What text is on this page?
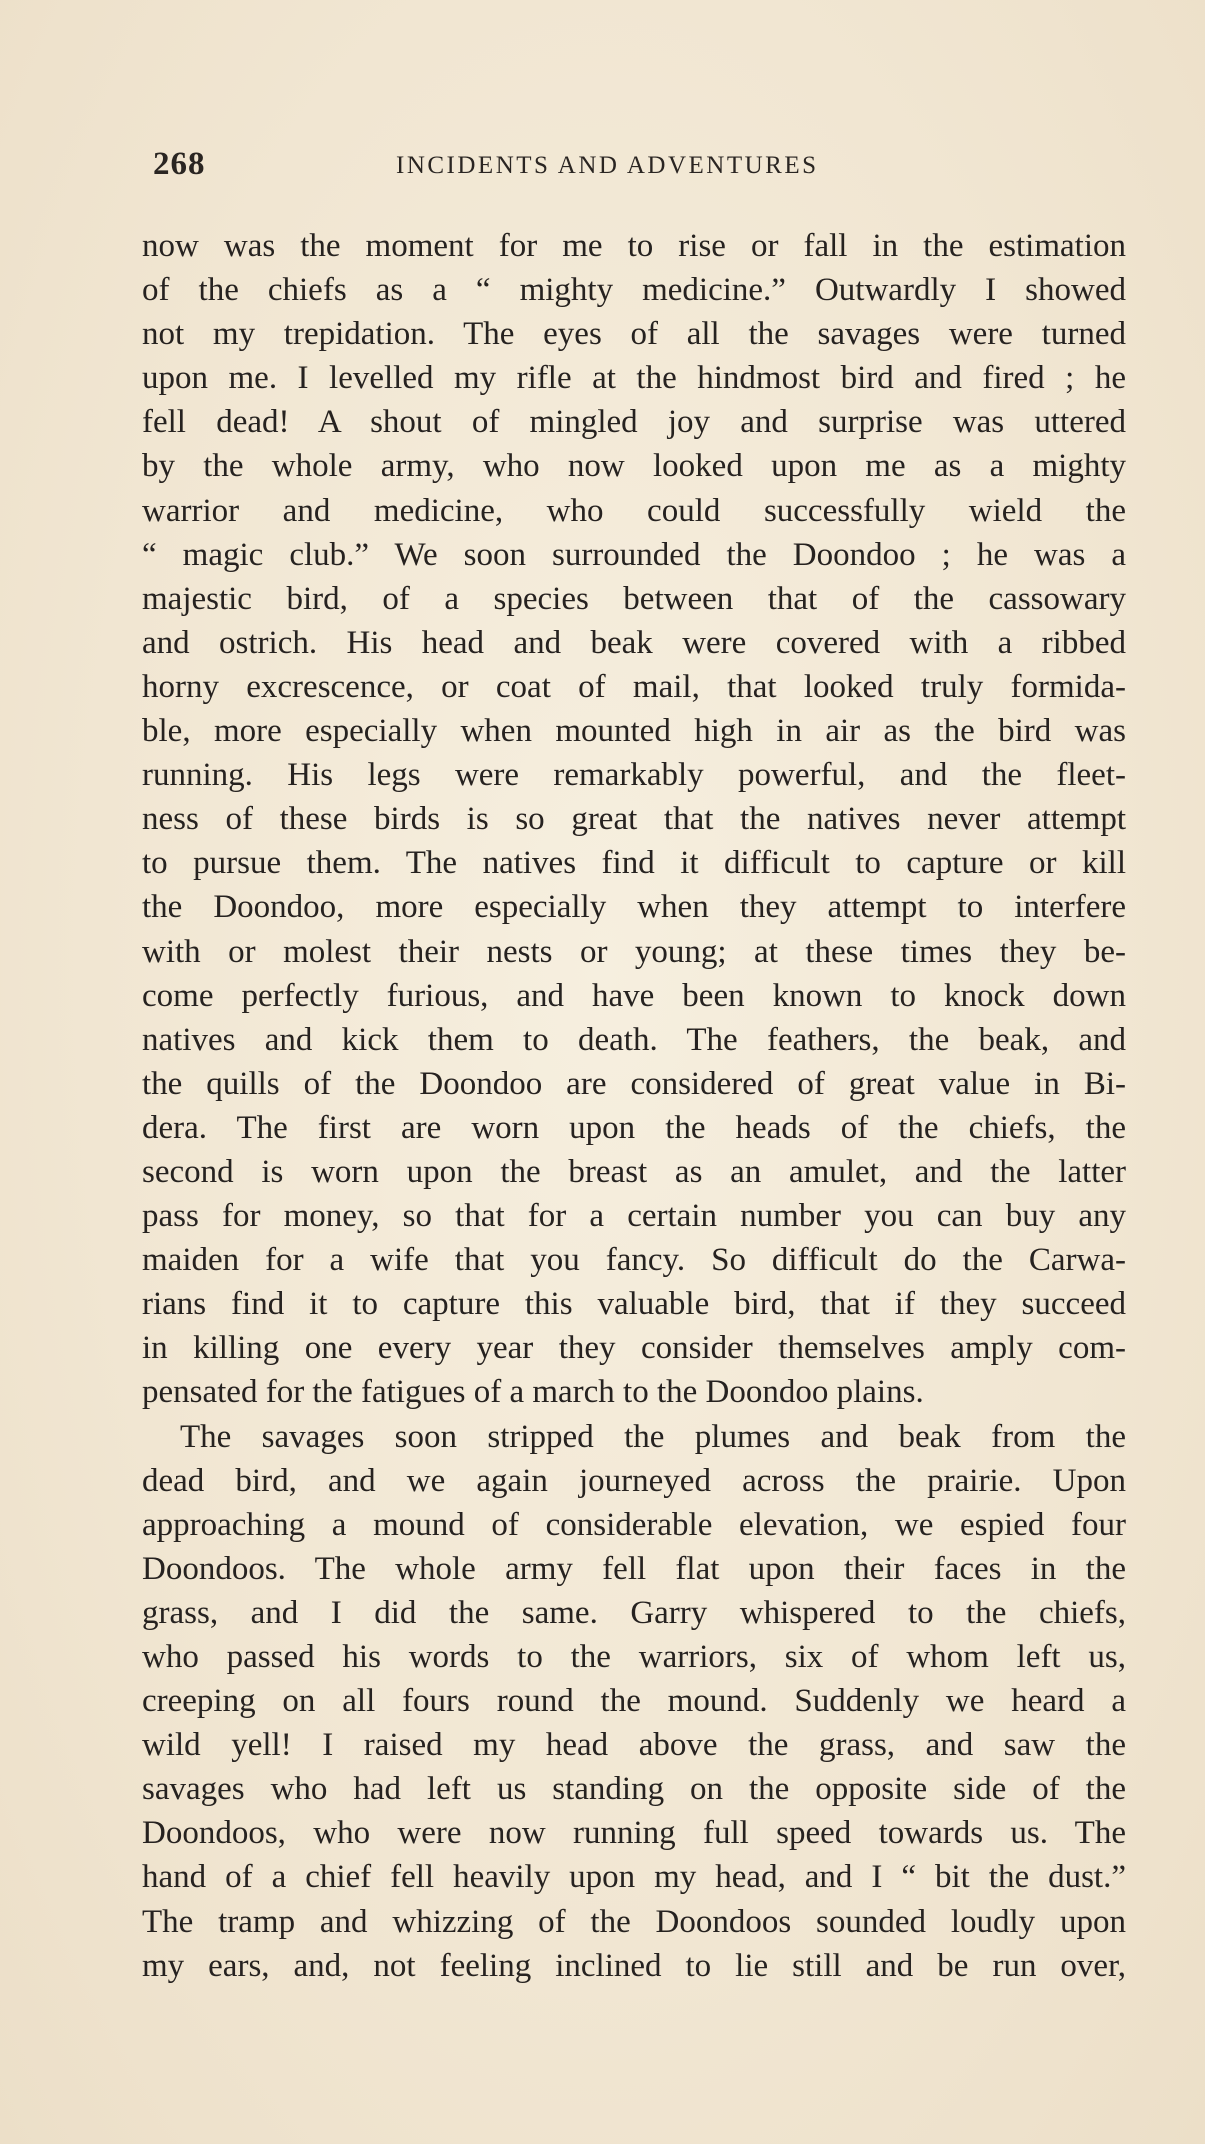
268	INCIDENTS AND ADVENTURES
now was the moment for me to rise or fall in the estimation
of the chiefs as a “ mighty medicine.” Outwardly I showed
not my trepidation. The eyes of all the savages were turned
upon me. I levelled my rifle at the hindmost bird and fired ; he
fell dead! A shout of mingled joy and surprise was uttered
by the whole army, who now looked upon me as a mighty
warrior and medicine, who could successfully wield the
“ magic club.” We soon surrounded the Doondoo ; he was a
majestic bird, of a species between that of the cassowary
and ostrich. His head and beak were covered with a ribbed
horny excrescence, or coat of mail, that looked truly formida-
ble, more especially when mounted high in air as the bird was
running. His legs were remarkably powerful, and the fleet-
ness of these birds is so great that the natives never attempt
to pursue them. The natives find it difficult to capture or kill
the Doondoo, more especially when they attempt to interfere
with or molest their nests or young; at these times they be-
come perfectly furious, and have been known to knock down
natives and kick them to death. The feathers, the beak, and
the quills of the Doondoo are considered of great value in Bi-
dera. The first are worn upon the heads of the chiefs, the
second is worn upon the breast as an amulet, and the latter
pass for money, so that for a certain number you can buy any
maiden for a wife that you fancy. So difficult do the Carwa-
rians find it to capture this valuable bird, that if they succeed
in killing one every year they consider themselves amply com-
pensated for the fatigues of a march to the Doondoo plains.
The savages soon stripped the plumes and beak from the
dead bird, and we again journeyed across the prairie. Upon
approaching a mound of considerable elevation, we espied four
Doondoos. The whole army fell flat upon their faces in the
grass, and I did the same. Garry whispered to the chiefs,
who passed his words to the warriors, six of whom left us,
creeping on all fours round the mound. Suddenly we heard a
wild yell! I raised my head above the grass, and saw the
savages who had left us standing on the opposite side of the
Doondoos, who were now running full speed towards us. The
hand of a chief fell heavily upon my head, and I “ bit the dust.”
The tramp and whizzing of the Doondoos sounded loudly upon
my ears, and, not feeling inclined to lie still and be run over,
